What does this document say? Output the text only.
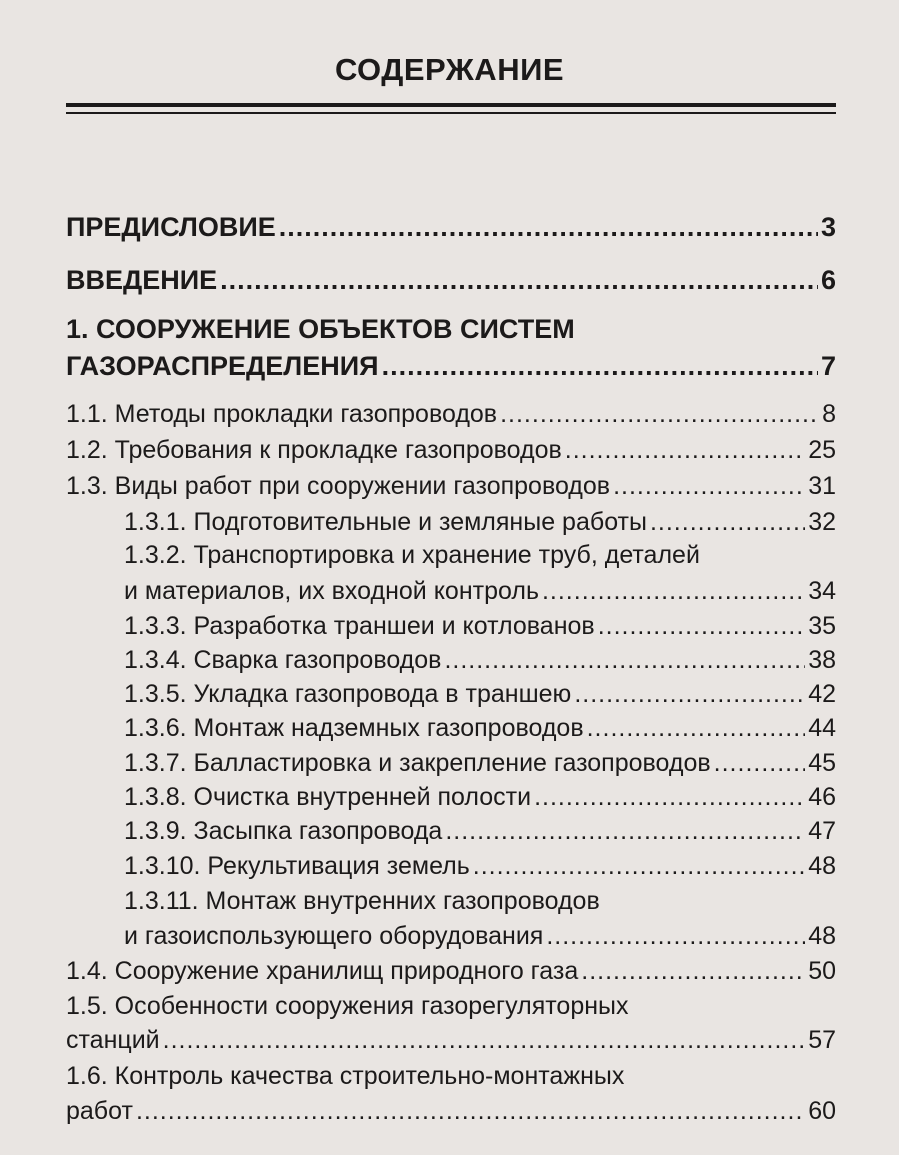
СОДЕРЖАНИЕ
ПРЕДИСЛОВИЕ .....	3
ВВЕДЕНИЕ .....	6
1. СООРУЖЕНИЕ ОБЪЕКТОВ СИСТЕМ
ГАЗОРАСПРЕДЕЛЕНИЯ .....	7
1.1. Методы прокладки газопроводов .....	8
1.2. Требования к прокладке газопроводов .....	25
1.3. Виды работ при сооружении газопроводов .....	31
1.3.1. Подготовительные и земляные работы .....	32
1.3.2. Транспортировка и хранение труб, деталей
и материалов, их входной контроль .....	34
1.3.3. Разработка траншеи и котлованов .....	35
1.3.4. Сварка газопроводов .....	38
1.3.5. Укладка газопровода в траншею .....	42
1.3.6. Монтаж надземных газопроводов .....	44
1.3.7. Балластировка и закрепление газопроводов .....	45
1.3.8. Очистка внутренней полости .....	46
1.3.9. Засыпка газопровода .....	47
1.3.10. Рекультивация земель .....	48
1.3.11. Монтаж внутренних газопроводов
и газоиспользующего оборудования .....	48
1.4. Сооружение хранилищ природного газа .....	50
1.5. Особенности сооружения газорегуляторных
станций .....	57
1.6. Контроль качества строительно-монтажных
работ .....	60
